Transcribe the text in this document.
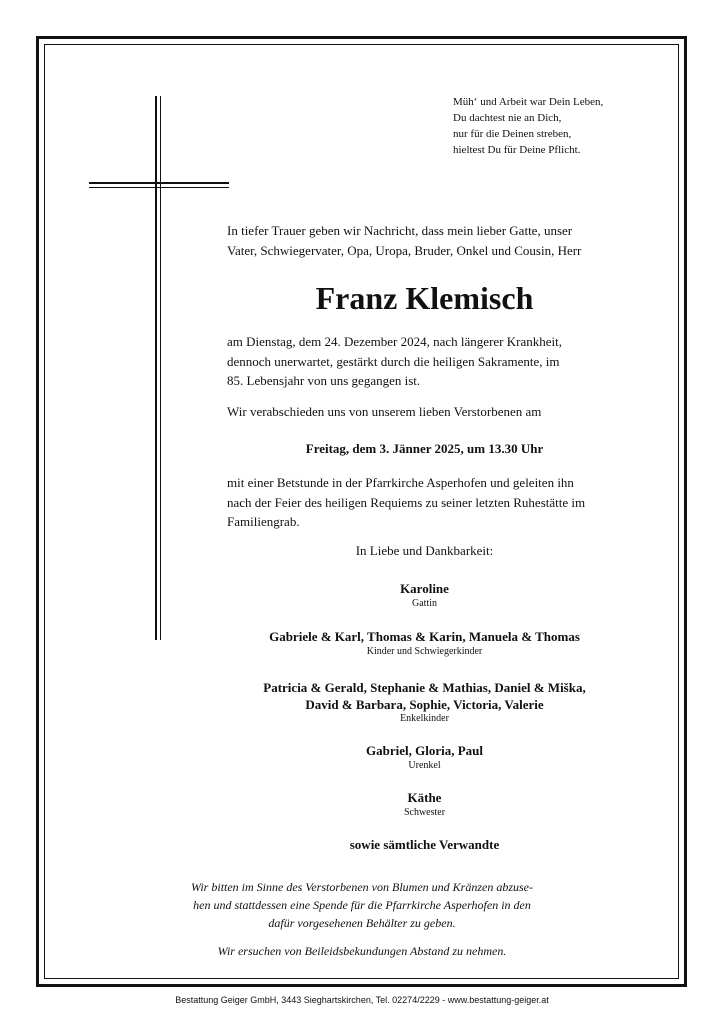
Müh‘ und Arbeit war Dein Leben,
Du dachtest nie an Dich,
nur für die Deinen streben,
hieltest Du für Deine Pflicht.
In tiefer Trauer geben wir Nachricht, dass mein lieber Gatte, unser
Vater, Schwiegervater, Opa, Uropa, Bruder, Onkel und Cousin, Herr
Franz Klemisch
am Dienstag, dem 24. Dezember 2024, nach längerer Krankheit,
dennoch unerwartet, gestärkt durch die heiligen Sakramente, im
85. Lebensjahr von uns gegangen ist.
Wir verabschieden uns von unserem lieben Verstorbenen am
Freitag, dem 3. Jänner 2025, um 13.30 Uhr
mit einer Betstunde in der Pfarrkirche Asperhofen und geleiten ihn
nach der Feier des heiligen Requiems zu seiner letzten Ruhestätte im
Familiengrab.
In Liebe und Dankbarkeit:
Karoline
Gattin
Gabriele & Karl, Thomas & Karin, Manuela & Thomas
Kinder und Schwiegerkinder
Patricia & Gerald, Stephanie & Mathias, Daniel & Miška,
David & Barbara, Sophie, Victoria, Valerie
Enkelkinder
Gabriel, Gloria, Paul
Urenkel
Käthe
Schwester
sowie sämtliche Verwandte
Wir bitten im Sinne des Verstorbenen von Blumen und Kränzen abzuse-
hen und stattdessen eine Spende für die Pfarrkirche Asperhofen in den
dafür vorgesehenen Behälter zu geben.
Wir ersuchen von Beileidsbekundungen Abstand zu nehmen.
Bestattung Geiger GmbH, 3443 Sieghartskirchen, Tel. 02274/2229 - www.bestattung-geiger.at
